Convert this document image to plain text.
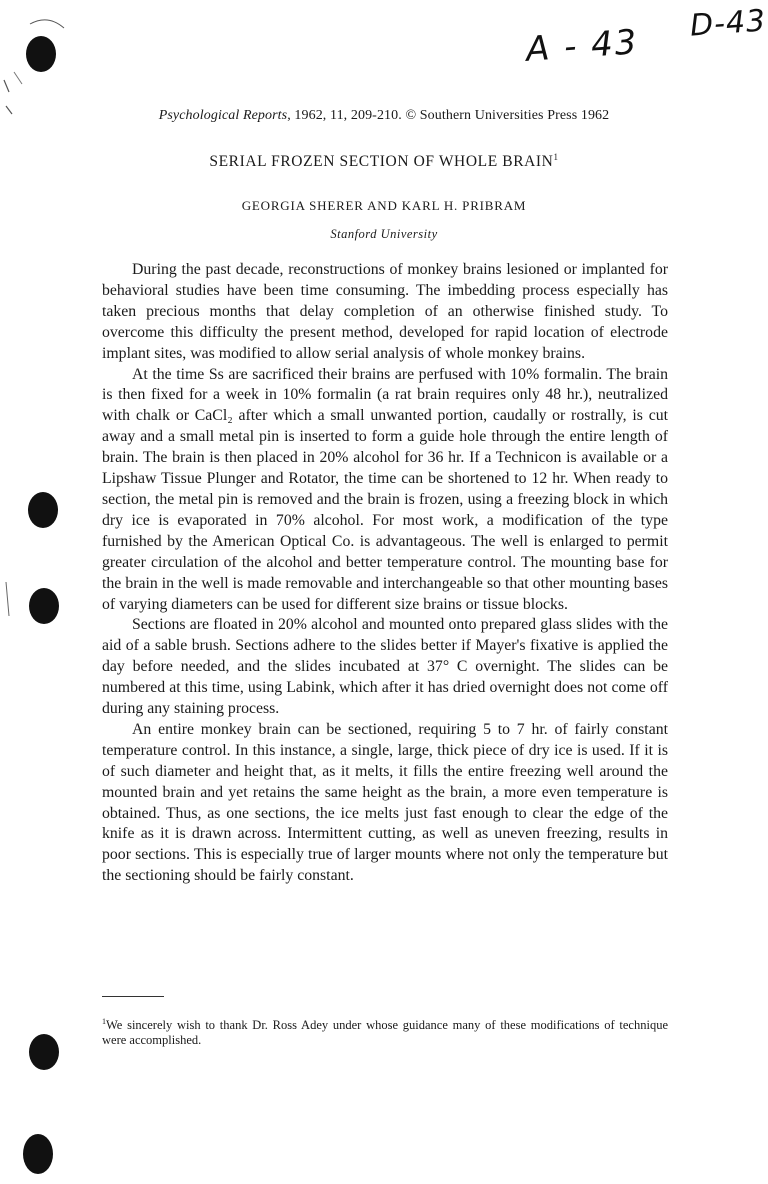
A - 43 D-43
Psychological Reports, 1962, 11, 209-210. © Southern Universities Press 1962
SERIAL FROZEN SECTION OF WHOLE BRAIN$^1$
GEORGIA SHERER AND KARL H. PRIBRAM
Stanford University

During the past decade, reconstructions of monkey brains lesioned or implanted for behavioral studies have been time consuming. The imbedding process especially has taken precious months that delay completion of an otherwise finished study. To overcome this difficulty the present method, developed for rapid location of electrode implant sites, was modified to allow serial analysis of whole monkey brains.

At the time Ss are sacrificed their brains are perfused with 10% formalin. The brain is then fixed for a week in 10% formalin (a rat brain requires only 48 hr.), neutralized with chalk or CaCl₂ after which a small unwanted portion, caudally or rostrally, is cut away and a small metal pin is inserted to form a guide hole through the entire length of brain. The brain is then placed in 20% alcohol for 36 hr. If a Technicon is available or a Lipshaw Tissue Plunger and Rotator, the time can be shortened to 12 hr. When ready to section, the metal pin is removed and the brain is frozen, using a freezing block in which dry ice is evaporated in 70% alcohol. For most work, a modification of the type furnished by the American Optical Co. is advantageous. The well is enlarged to permit greater circulation of the alcohol and better temperature control. The mounting base for the brain in the well is made removable and interchangeable so that other mounting bases of varying diameters can be used for different size brains or tissue blocks.

Sections are floated in 20% alcohol and mounted onto prepared glass slides with the aid of a sable brush. Sections adhere to the slides better if Mayer's fixative is applied the day before needed, and the slides incubated at 37° C overnight. The slides can be numbered at this time, using Labink, which after it has dried overnight does not come off during any staining process.

An entire monkey brain can be sectioned, requiring 5 to 7 hr. of fairly constant temperature control. In this instance, a single, large, thick piece of dry ice is used. If it is of such diameter and height that, as it melts, it fills the entire freezing well around the mounted brain and yet retains the same height as the brain, a more even temperature is obtained. Thus, as one sections, the ice melts just fast enough to clear the edge of the knife as it is drawn across. Intermittent cutting, as well as uneven freezing, results in poor sections. This is especially true of larger mounts where not only the temperature but the sectioning should be fairly constant.

$^1$We sincerely wish to thank Dr. Ross Adey under whose guidance many of these modifications of technique were accomplished.
